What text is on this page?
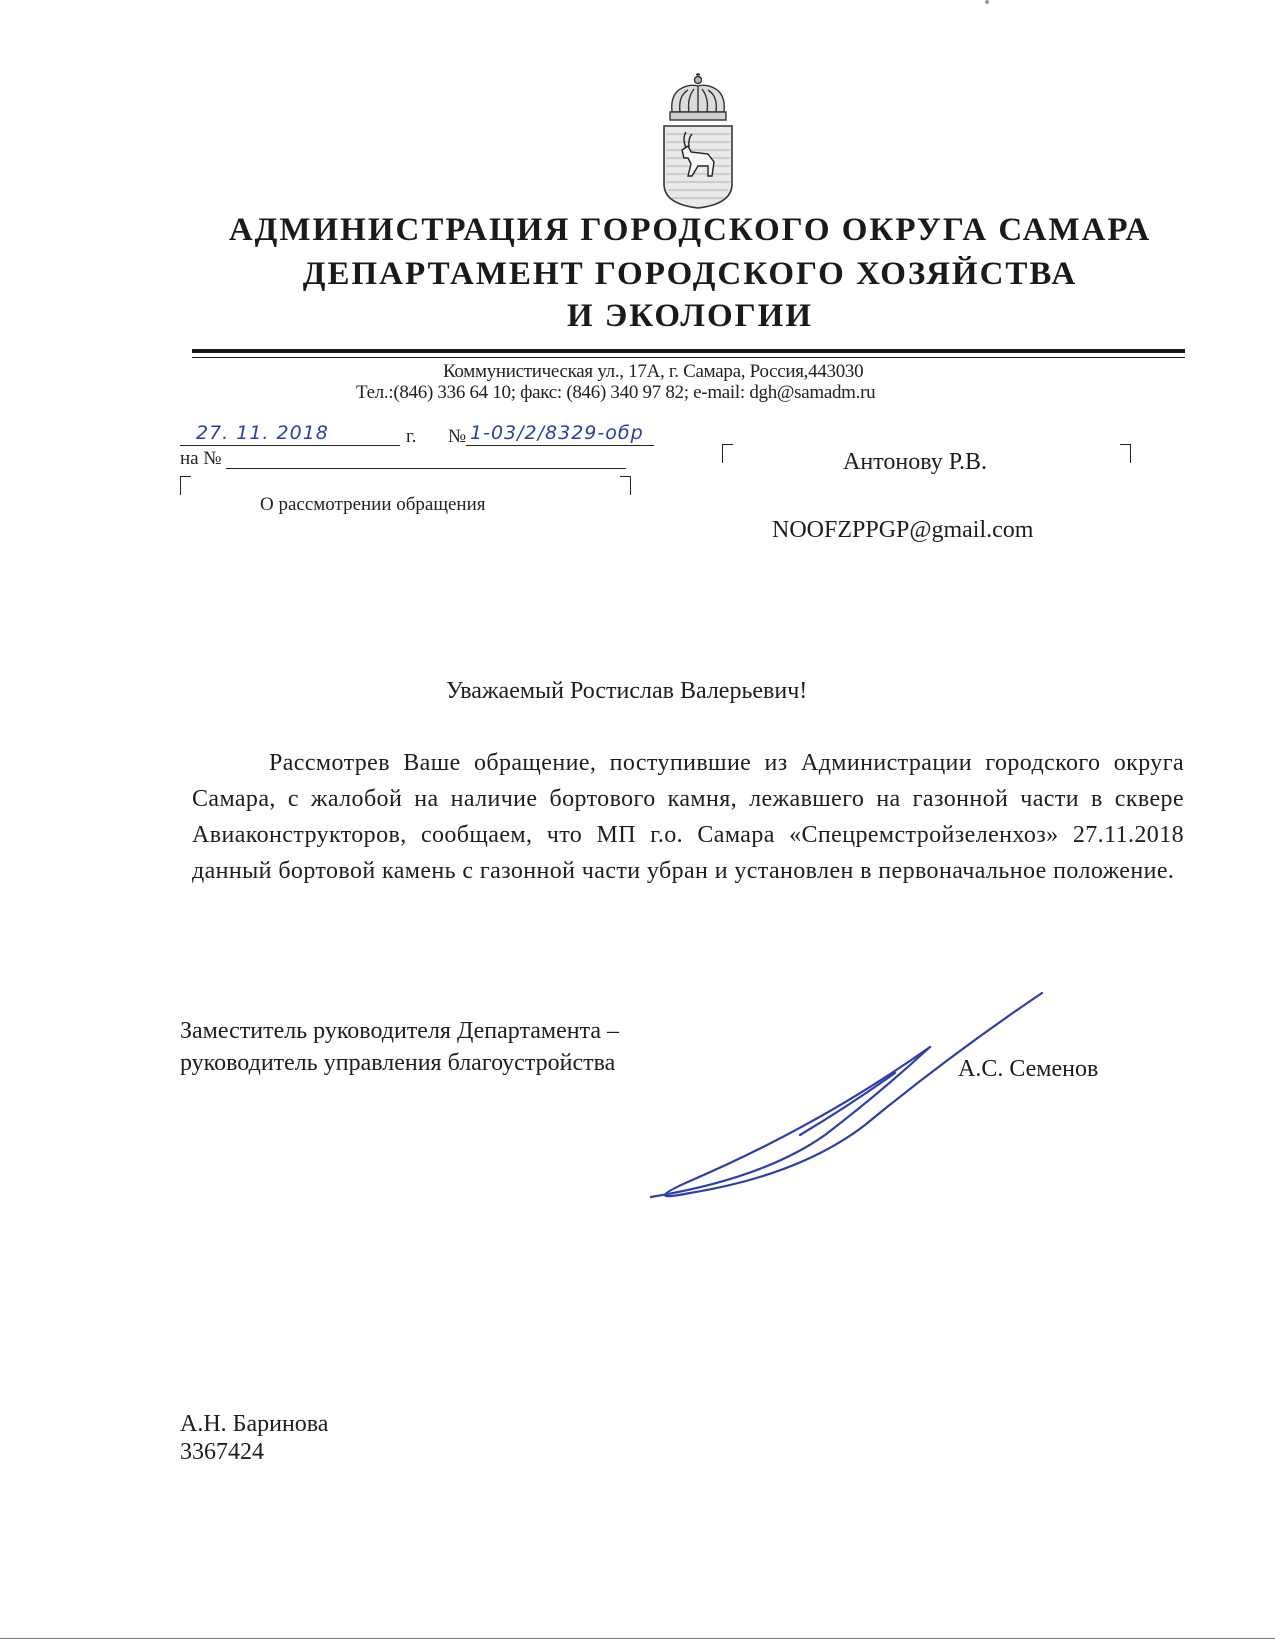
АДМИНИСТРАЦИЯ ГОРОДСКОГО ОКРУГА САМАРА
ДЕПАРТАМЕНТ ГОРОДСКОГО ХОЗЯЙСТВА
И ЭКОЛОГИИ
Коммунистическая ул., 17А, г. Самара, Россия,443030
Тел.:(846) 336 64 10; факс: (846) 340 97 82; e-mail: dgh@samadm.ru
27. 11. 2018	г. № 1-03/2/8329-обр
на №
О рассмотрении обращения
Антонову Р.В.
NOOFZPPGP@gmail.com
Уважаемый Ростислав Валерьевич!
Рассмотрев Ваше обращение, поступившие из Администрации городского округа Самара, с жалобой на наличие бортового камня, лежавшего на газонной части в сквере Авиаконструкторов, сообщаем, что МП г.о. Самара «Спецремстройзеленхоз» 27.11.2018 данный бортовой камень с газонной части убран и установлен в первоначальное положение.
Заместитель руководителя Департамента –
руководитель управления благоустройства	А.С. Семенов
А.Н. Баринова
3367424
